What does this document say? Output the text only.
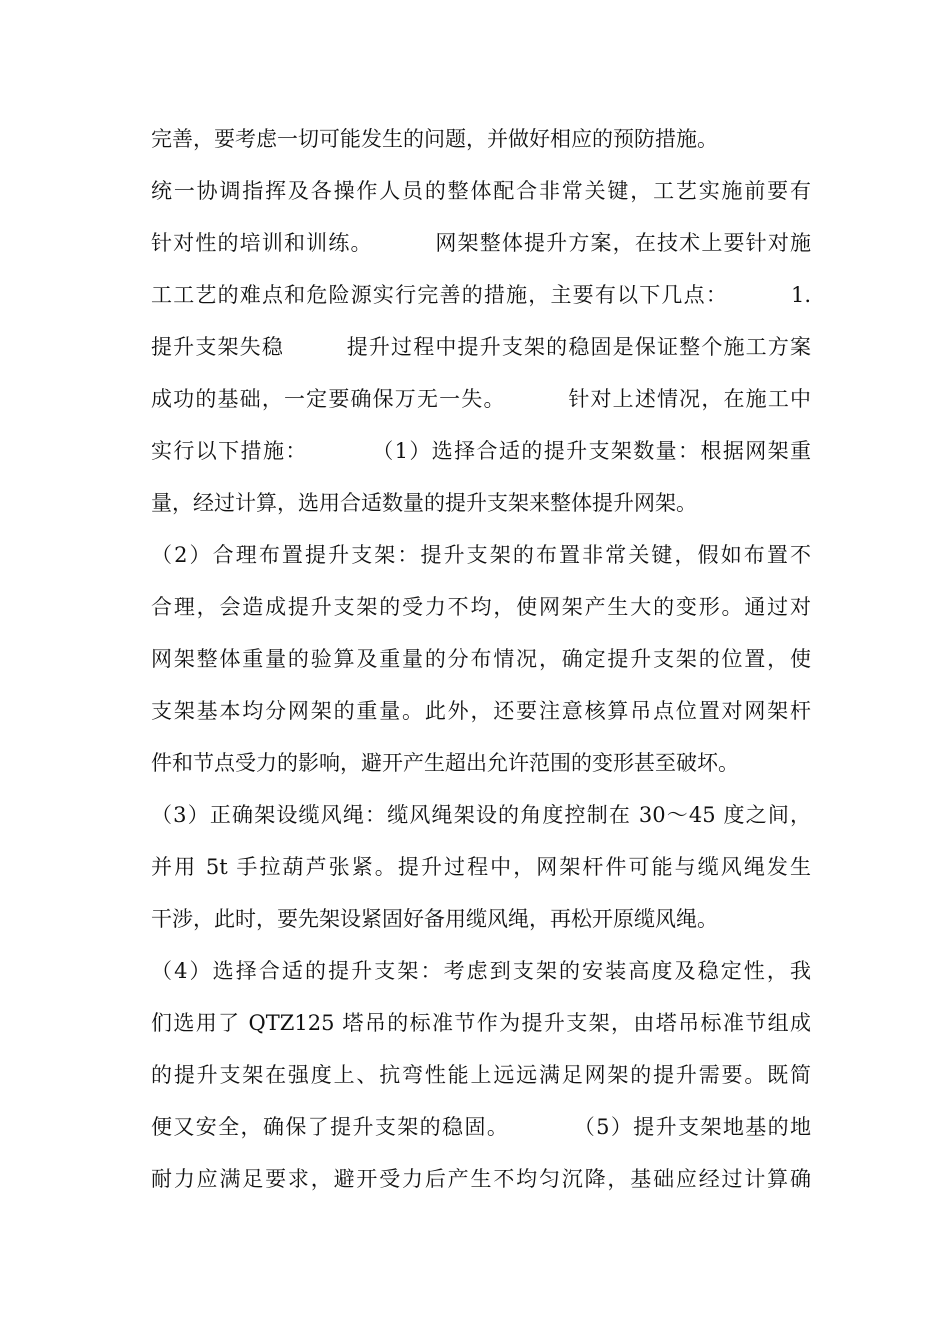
完善，要考虑一切可能发生的问题，并做好相应的预防措施。
统一协调指挥及各操作人员的整体配合非常关键，工艺实施前要有
针对性的培训和训练。        网架整体提升方案，在技术上要针对施
工工艺的难点和危险源实行完善的措施，主要有以下几点：        1.
提升支架失稳        提升过程中提升支架的稳固是保证整个施工方案
成功的基础，一定要确保万无一失。        针对上述情况，在施工中
实行以下措施：        （1）选择合适的提升支架数量：根据网架重
量，经过计算，选用合适数量的提升支架来整体提升网架。
（2）合理布置提升支架：提升支架的布置非常关键，假如布置不
合理，会造成提升支架的受力不均，使网架产生大的变形。通过对
网架整体重量的验算及重量的分布情况，确定提升支架的位置，使
支架基本均分网架的重量。此外，还要注意核算吊点位置对网架杆
件和节点受力的影响，避开产生超出允许范围的变形甚至破坏。
（3）正确架设缆风绳：缆风绳架设的角度控制在 30～45 度之间，
并用 5t 手拉葫芦张紧。提升过程中，网架杆件可能与缆风绳发生
干涉，此时，要先架设紧固好备用缆风绳，再松开原缆风绳。
（4）选择合适的提升支架：考虑到支架的安装高度及稳定性，我
们选用了 QTZ125 塔吊的标准节作为提升支架，由塔吊标准节组成
的提升支架在强度上、抗弯性能上远远满足网架的提升需要。既简
便又安全，确保了提升支架的稳固。        （5）提升支架地基的地
耐力应满足要求，避开受力后产生不均匀沉降，基础应经过计算确
